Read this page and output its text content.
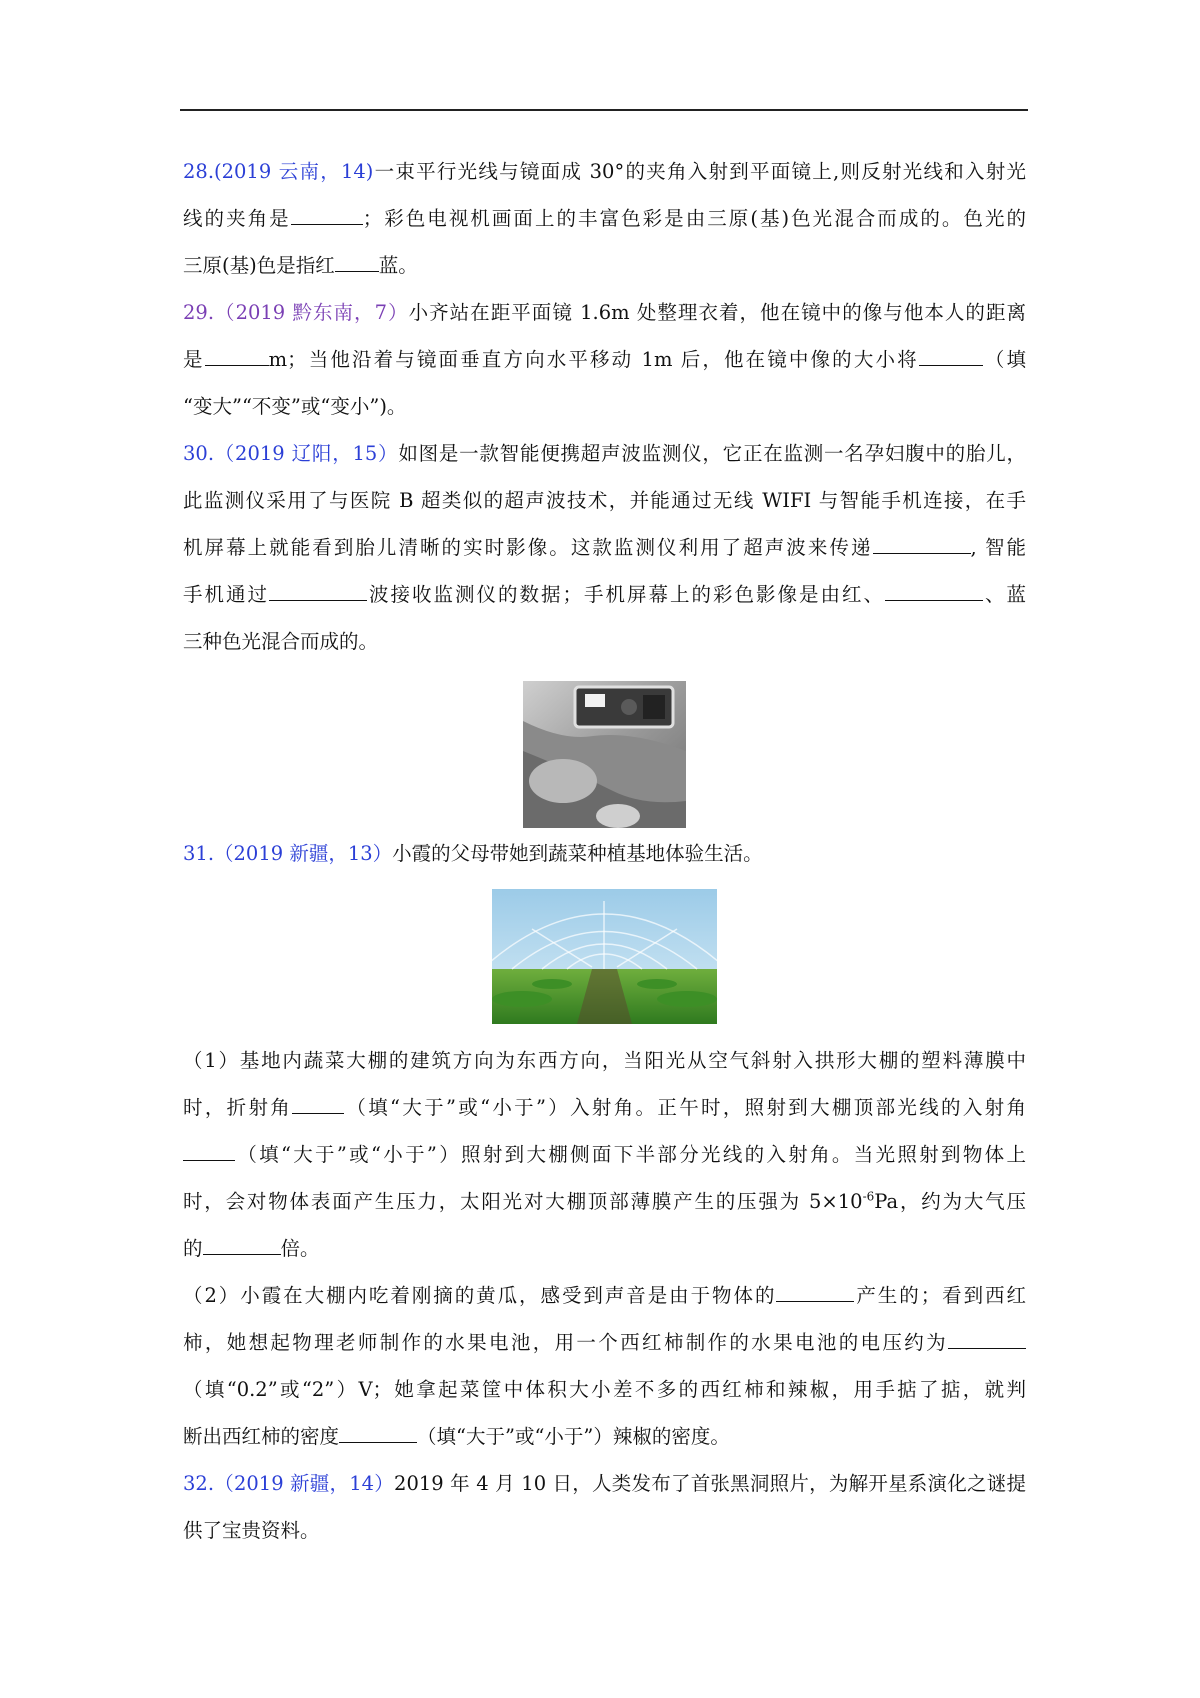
28.(2019 云南，14)一束平行光线与镜面成 30°的夹角入射到平面镜上,则反射光线和入射光
线的夹角是	；彩色电视机画面上的丰富色彩是由三原(基)色光混合而成的。色光的
三原(基)色是指红 蓝。
29.（2019 黔东南，7）小齐站在距平面镜 1.6m 处整理衣着，他在镜中的像与他本人的距离
是	m；当他沿着与镜面垂直方向水平移动 1m 后，他在镜中像的大小将	（填
“变大”“不变”或“变小”)。
30.（2019 辽阳，15）如图是一款智能便携超声波监测仪，它正在监测一名孕妇腹中的胎儿，
此监测仪采用了与医院 B 超类似的超声波技术，并能通过无线 WIFI 与智能手机连接，在手
机屏幕上就能看到胎儿清晰的实时影像。这款监测仪利用了超声波来传递	, 智能
手机通过	波接收监测仪的数据；手机屏幕上的彩色影像是由红、	、蓝
三种色光混合而成的。
31.（2019 新疆，13）小霞的父母带她到蔬菜种植基地体验生活。
（1）基地内蔬菜大棚的建筑方向为东西方向，当阳光从空气斜射入拱形大棚的塑料薄膜中
时，折射角	（填“大于”或“小于”）入射角。正午时，照射到大棚顶部光线的入射角
（填“大于”或“小于”）照射到大棚侧面下半部分光线的入射角。当光照射到物体上
时，会对物体表面产生压力，太阳光对大棚顶部薄膜产生的压强为 $5\times 10^{-6}Pa$，约为大气压
的	倍。
（2）小霞在大棚内吃着刚摘的黄瓜，感受到声音是由于物体的	产生的；看到西红
柿，她想起物理老师制作的水果电池，用一个西红柿制作的水果电池的电压约为
（填“0.2”或“2”）V；她拿起菜筐中体积大小差不多的西红柿和辣椒，用手掂了掂，就判
断出西红柿的密度	（填“大于”或“小于”）辣椒的密度。
32.（2019 新疆，14）2019 年 4 月 10 日，人类发布了首张黑洞照片，为解开星系演化之谜提
供了宝贵资料。
